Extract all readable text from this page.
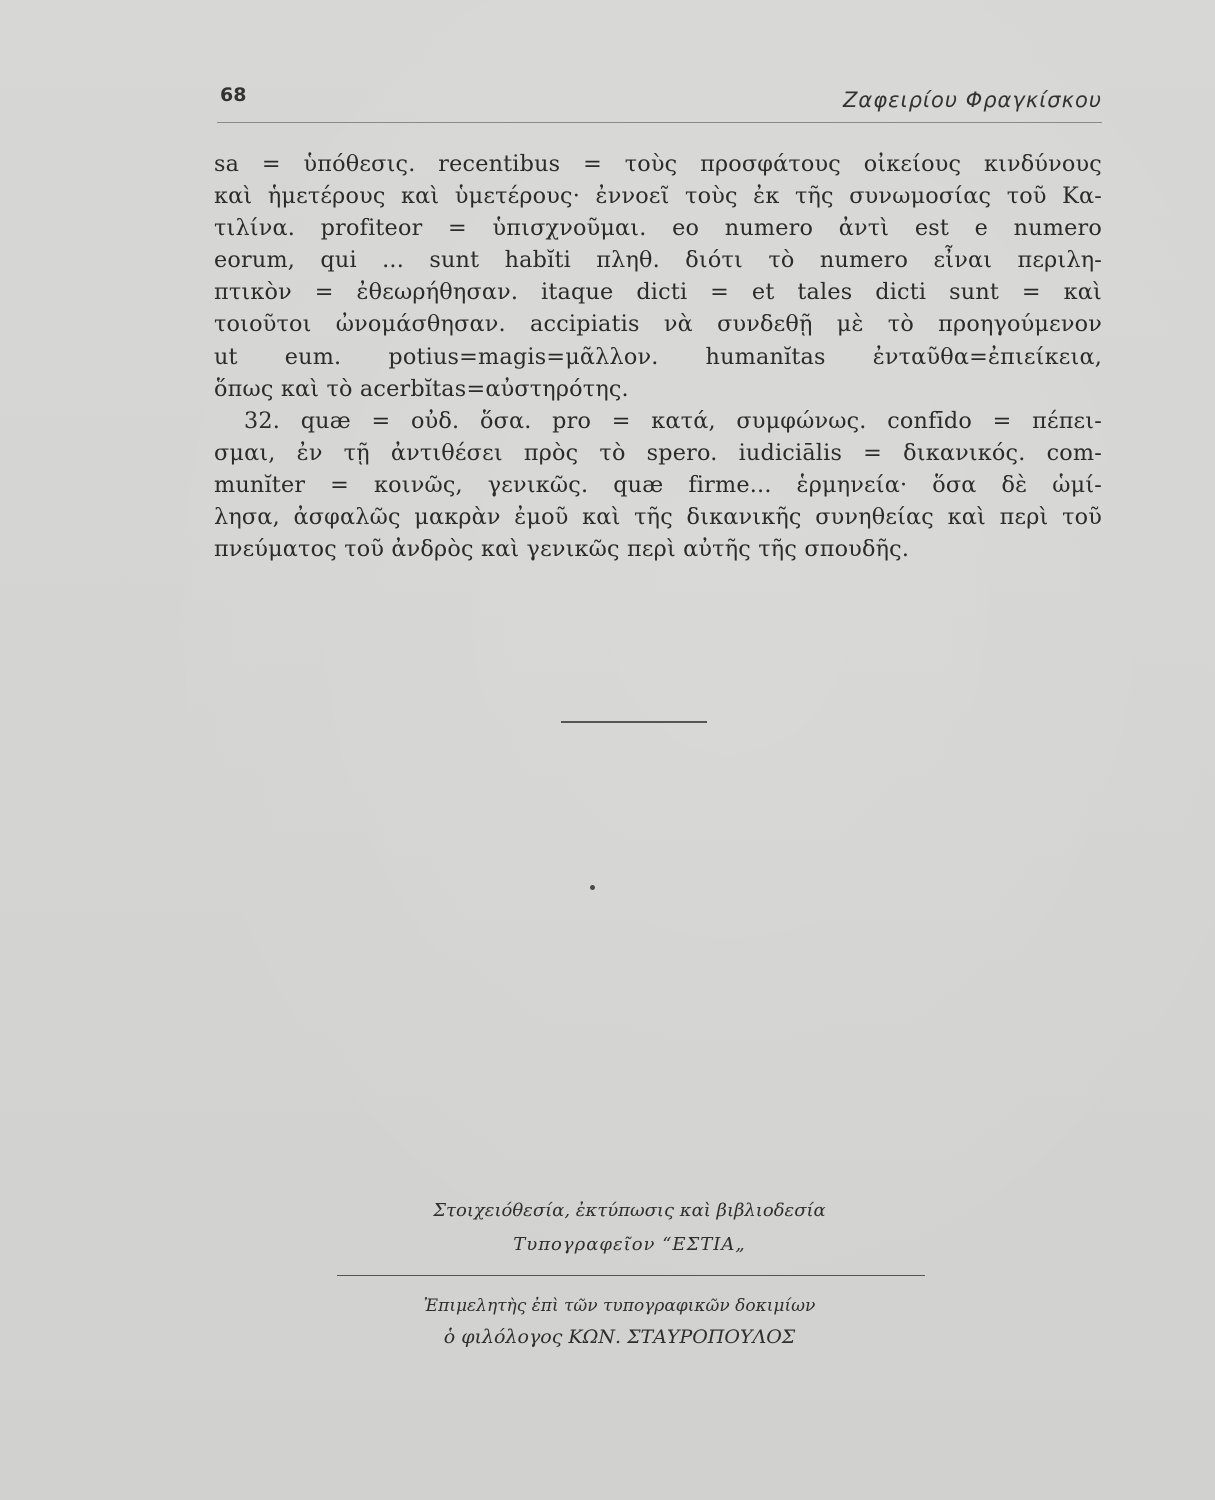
68	Ζαφειρίου Φραγκίσκου
sa = ὑπόθεσις. recentibus = τοὺς προσφάτους οἰκείους κινδύνους
καὶ ἡμετέρους καὶ ὑμετέρους· ἐννοεῖ τοὺς ἐκ τῆς συνωμοσίας τοῦ Κα-
τιλίνα. profiteor = ὑπισχνοῦμαι. eo numero ἀντὶ est e numero
eorum, qui ... sunt habĭti πληθ. διότι τὸ numero εἶναι περιλη-
πτικὸν = ἐθεωρήθησαν. itaque dicti = et tales dicti sunt = καὶ
τοιοῦτοι ὠνομάσθησαν. accipiatis νὰ συνδεθῇ μὲ τὸ προηγούμενον
ut eum. potius=magis=μᾶλλον. humanĭtas ἐνταῦθα=ἐπιείκεια,
ὅπως καὶ τὸ acerbĭtas=αὐστηρότης.
32. quæ = οὐδ. ὅσα. pro = κατά, συμφώνως. confīdo = πέπει-
σμαι, ἐν τῇ ἀντιθέσει πρὸς τὸ spero. iudiciālis = δικανικός. com-
munĭter = κοινῶς, γενικῶς. quæ firme... ἑρμηνεία· ὅσα δὲ ὡμί-
λησα, ἀσφαλῶς μακρὰν ἐμοῦ καὶ τῆς δικανικῆς συνηθείας καὶ περὶ τοῦ
πνεύματος τοῦ ἀνδρὸς καὶ γενικῶς περὶ αὐτῆς τῆς σπουδῆς.
Στοιχειόθεσία, ἐκτύπωσις καὶ βιβλιοδεσία
Τυπογραφεῖον “ΕΣΤΙΑ„
Ἐπιμελητὴς ἐπὶ τῶν τυπογραφικῶν δοκιμίων
ὁ φιλόλογος ΚΩΝ. ΣΤΑΥΡΟΠΟΥΛΟΣ
